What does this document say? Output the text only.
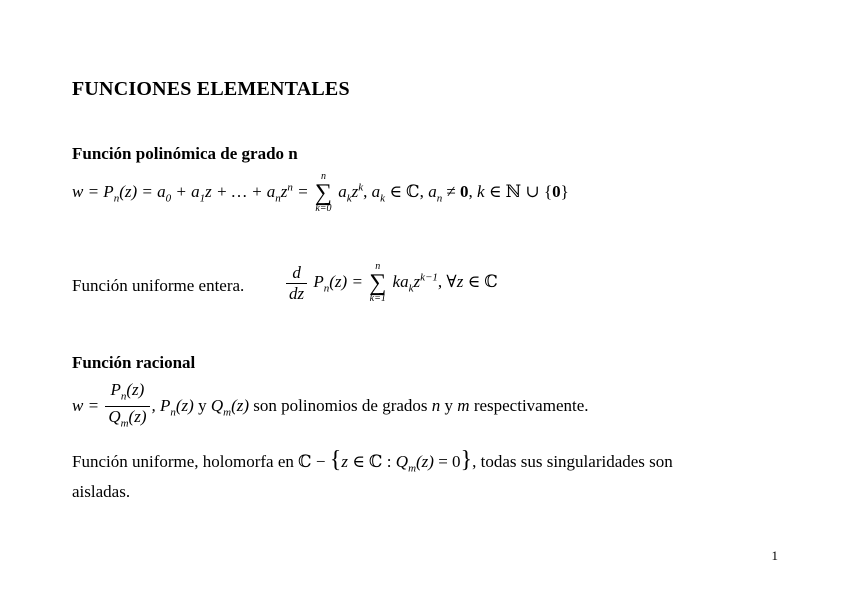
FUNCIONES ELEMENTALES
Función polinómica de grado n
$w = P_n(z) = a_0 + a_1z$ + … + $a_nz^n$ =
n
∑
k=0
$a_kz^k$, $a_k$ ∈ ℂ, $a_n \ne 0$, k ∈ ℕ ∪ {0}
Función uniforme entera. $\frac{d}{dz} P_n(z)$ =
n
∑
k=1
$ka_kz^{k-1}$, ∀z ∈ ℂ
Función racional
$w = \frac{P_n(z)}{Q_m(z)}$ , $P_n(z)$ y $Q_m(z)$ son polinomios de grados n y m respectivamente.
Función uniforme, holomorfa en ℂ − {z ∈ ℂ : $Q_m(z) = 0$}, todas sus singularidades son
aisladas.
1
